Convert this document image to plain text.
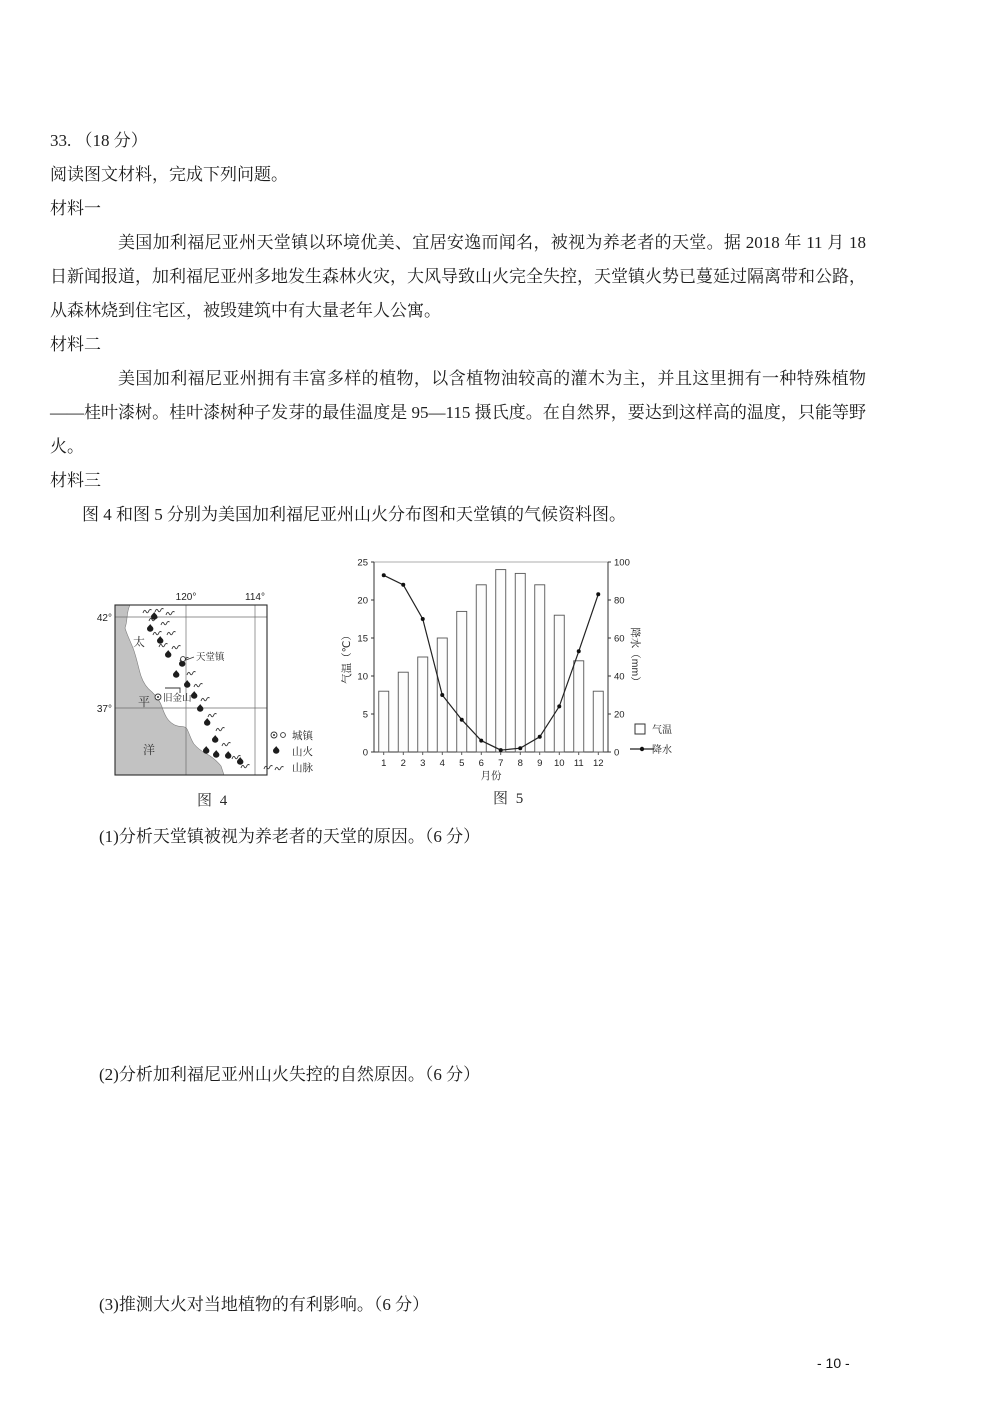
33. （18 分）
阅读图文材料，完成下列问题。
材料一

美国加利福尼亚州天堂镇以环境优美、宜居安逸而闻名，被视为养老者的天堂。据 2018 年 11 月 18 日新闻报道，加利福尼亚州多地发生森林火灾，大风导致山火完全失控，天堂镇火势已蔓延过隔离带和公路，从森林烧到住宅区，被毁建筑中有大量老年人公寓。

材料二

美国加利福尼亚州拥有丰富多样的植物，以含植物油较高的灌木为主，并且这里拥有一种特殊植物——桂叶漆树。桂叶漆树种子发芽的最佳温度是 95—115 摄氏度。在自然界，要达到这样高的温度，只能等野火。

材料三

图 4 和图 5 分别为美国加利福尼亚州山火分布图和天堂镇的气候资料图。

120°	114°
42°
37°
太
平
洋
天堂镇
旧金山
城镇
山火
山脉
图 4
0
5
10
15
20
25
0
20
40
60
80
100
1 2 3 4 5 6 7 8 9 10 11 12
气温（℃）	降水（mm）
月份
气温
降水
图 5
(1)分析天堂镇被视为养老者的天堂的原因。（6 分）
(2)分析加利福尼亚州山火失控的自然原因。（6 分）
(3)推测大火对当地植物的有利影响。（6 分）
- 10 -
